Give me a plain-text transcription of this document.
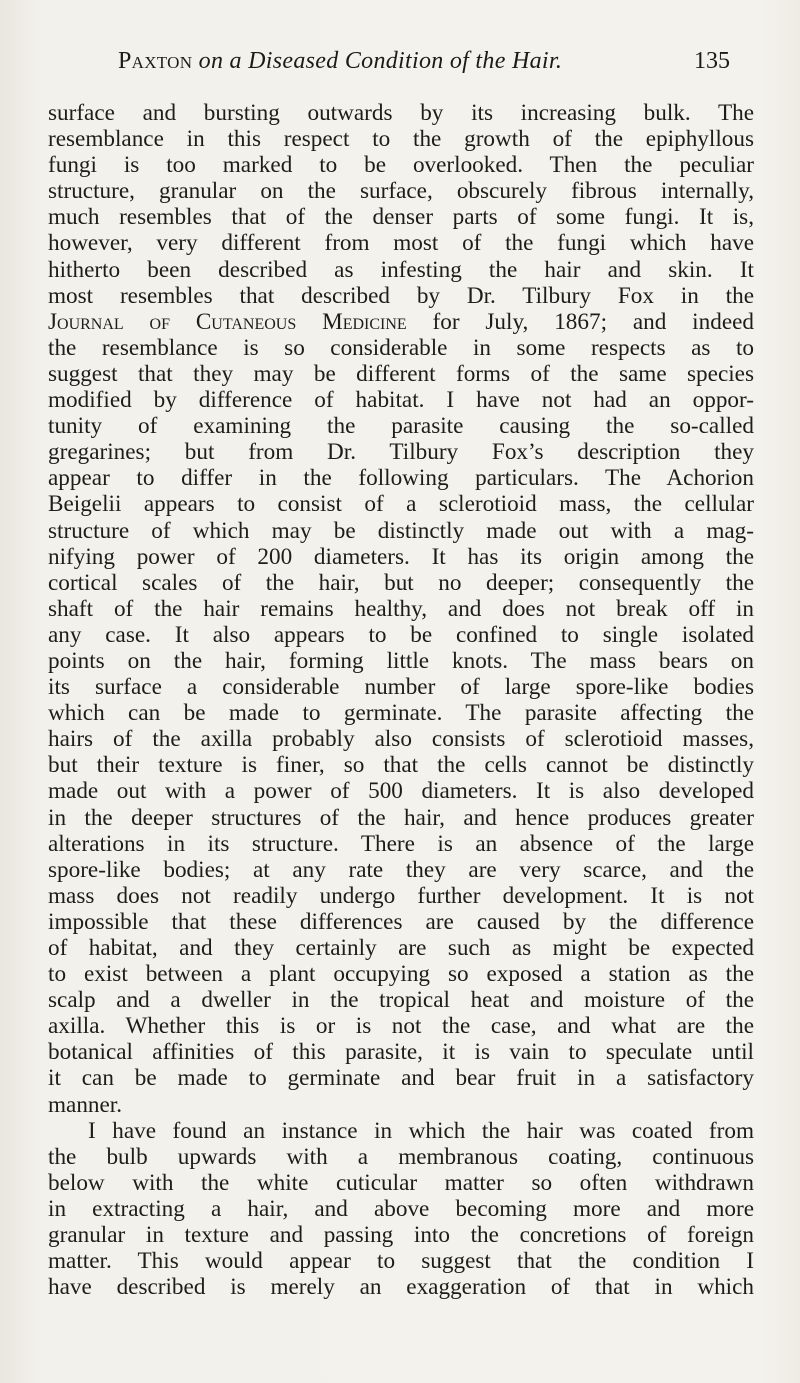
Paxton on a Diseased Condition of the Hair.	135
surface and bursting outwards by its increasing bulk. The
resemblance in this respect to the growth of the epiphyllous
fungi is too marked to be overlooked. Then the peculiar
structure, granular on the surface, obscurely fibrous internally,
much resembles that of the denser parts of some fungi. It is,
however, very different from most of the fungi which have
hitherto been described as infesting the hair and skin. It
most resembles that described by Dr. Tilbury Fox in the
Journal of Cutaneous Medicine for July, 1867; and indeed
the resemblance is so considerable in some respects as to
suggest that they may be different forms of the same species
modified by difference of habitat. I have not had an oppor-
tunity of examining the parasite causing the so-called
gregarines; but from Dr. Tilbury Fox’s description they
appear to differ in the following particulars. The Achorion
Beigelii appears to consist of a sclerotioid mass, the cellular
structure of which may be distinctly made out with a mag-
nifying power of 200 diameters. It has its origin among the
cortical scales of the hair, but no deeper; consequently the
shaft of the hair remains healthy, and does not break off in
any case. It also appears to be confined to single isolated
points on the hair, forming little knots. The mass bears on
its surface a considerable number of large spore-like bodies
which can be made to germinate. The parasite affecting the
hairs of the axilla probably also consists of sclerotioid masses,
but their texture is finer, so that the cells cannot be distinctly
made out with a power of 500 diameters. It is also developed
in the deeper structures of the hair, and hence produces greater
alterations in its structure. There is an absence of the large
spore-like bodies; at any rate they are very scarce, and the
mass does not readily undergo further development. It is not
impossible that these differences are caused by the difference
of habitat, and they certainly are such as might be expected
to exist between a plant occupying so exposed a station as the
scalp and a dweller in the tropical heat and moisture of the
axilla. Whether this is or is not the case, and what are the
botanical affinities of this parasite, it is vain to speculate until
it can be made to germinate and bear fruit in a satisfactory
manner.
I have found an instance in which the hair was coated from
the bulb upwards with a membranous coating, continuous
below with the white cuticular matter so often withdrawn
in extracting a hair, and above becoming more and more
granular in texture and passing into the concretions of foreign
matter. This would appear to suggest that the condition I
have described is merely an exaggeration of that in which
